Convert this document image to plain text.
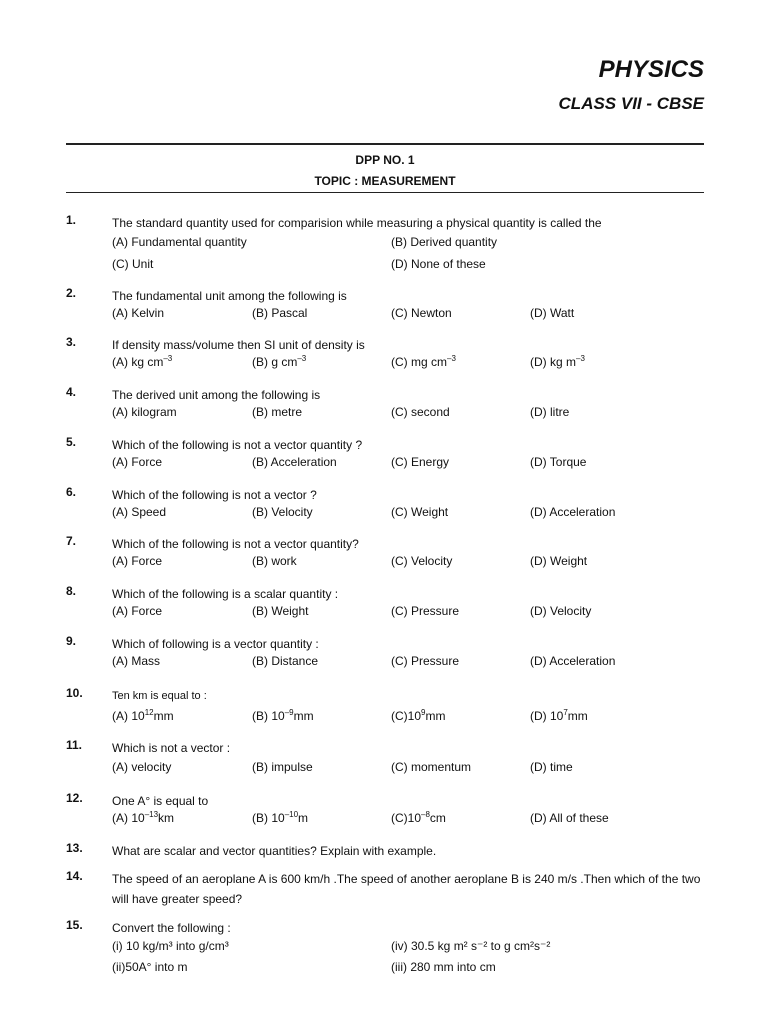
PHYSICS
CLASS VII - CBSE
DPP NO. 1
TOPIC : MEASUREMENT
1.	The standard quantity used for comparision while measuring a physical quantity is called the
(A) Fundamental quantity	(B) Derived quantity
(C) Unit	(D) None of these
2.	The fundamental unit among the following is
(A) Kelvin	(B) Pascal	(C) Newton	(D) Watt
3.	If density mass/volume then SI unit of density is
(A) kg $cm^{-3}$	(B) g $cm^{-3}$	(C) mg $cm^{-3}$	(D) kg $m^{-3}$
4.	The derived unit among the following is
(A) kilogram	(B) metre	(C) second	(D) litre
5.	Which of the following is not a vector quantity ?
(A) Force	(B) Acceleration	(C) Energy	(D) Torque
6.	Which of the following is not a vector ?
(A) Speed	(B) Velocity	(C) Weight	(D) Acceleration
7.	Which of the following is not a vector quantity?
(A) Force	(B) work	(C) Velocity	(D) Weight
8.	Which of the following is a scalar quantity :
(A) Force	(B) Weight	(C) Pressure	(D) Velocity
9.	Which of following is a vector quantity :
(A) Mass	(B) Distance	(C) Pressure	(D) Acceleration
10.	Ten km is equal to :
(A) $10^{12}mm$	(B) $10^{-9}mm$	$(C)10^9mm$	(D) $10^7mm$
11. Which is not a vector :
(A) velocity	(B) impulse	(C) momentum	(D) time
12. One A° is equal to
(A) $10^{-13}km$	(B) $10^{-10}m$	$(C)10^{-8}cm$	(D) All of these
13. What are scalar and vector quantities? Explain with example.
14. The speed of an aeroplane A is 600 km/h .The speed of another aeroplane B is 240 m/s .Then which of the two will have greater speed?
15. Convert the following :
(i) 10 kg/m³ into g/cm³	(iv) 30.5 kg m² s⁻² to g cm²s⁻²
(ii)50A° into m	(iii) 280 mm into cm
